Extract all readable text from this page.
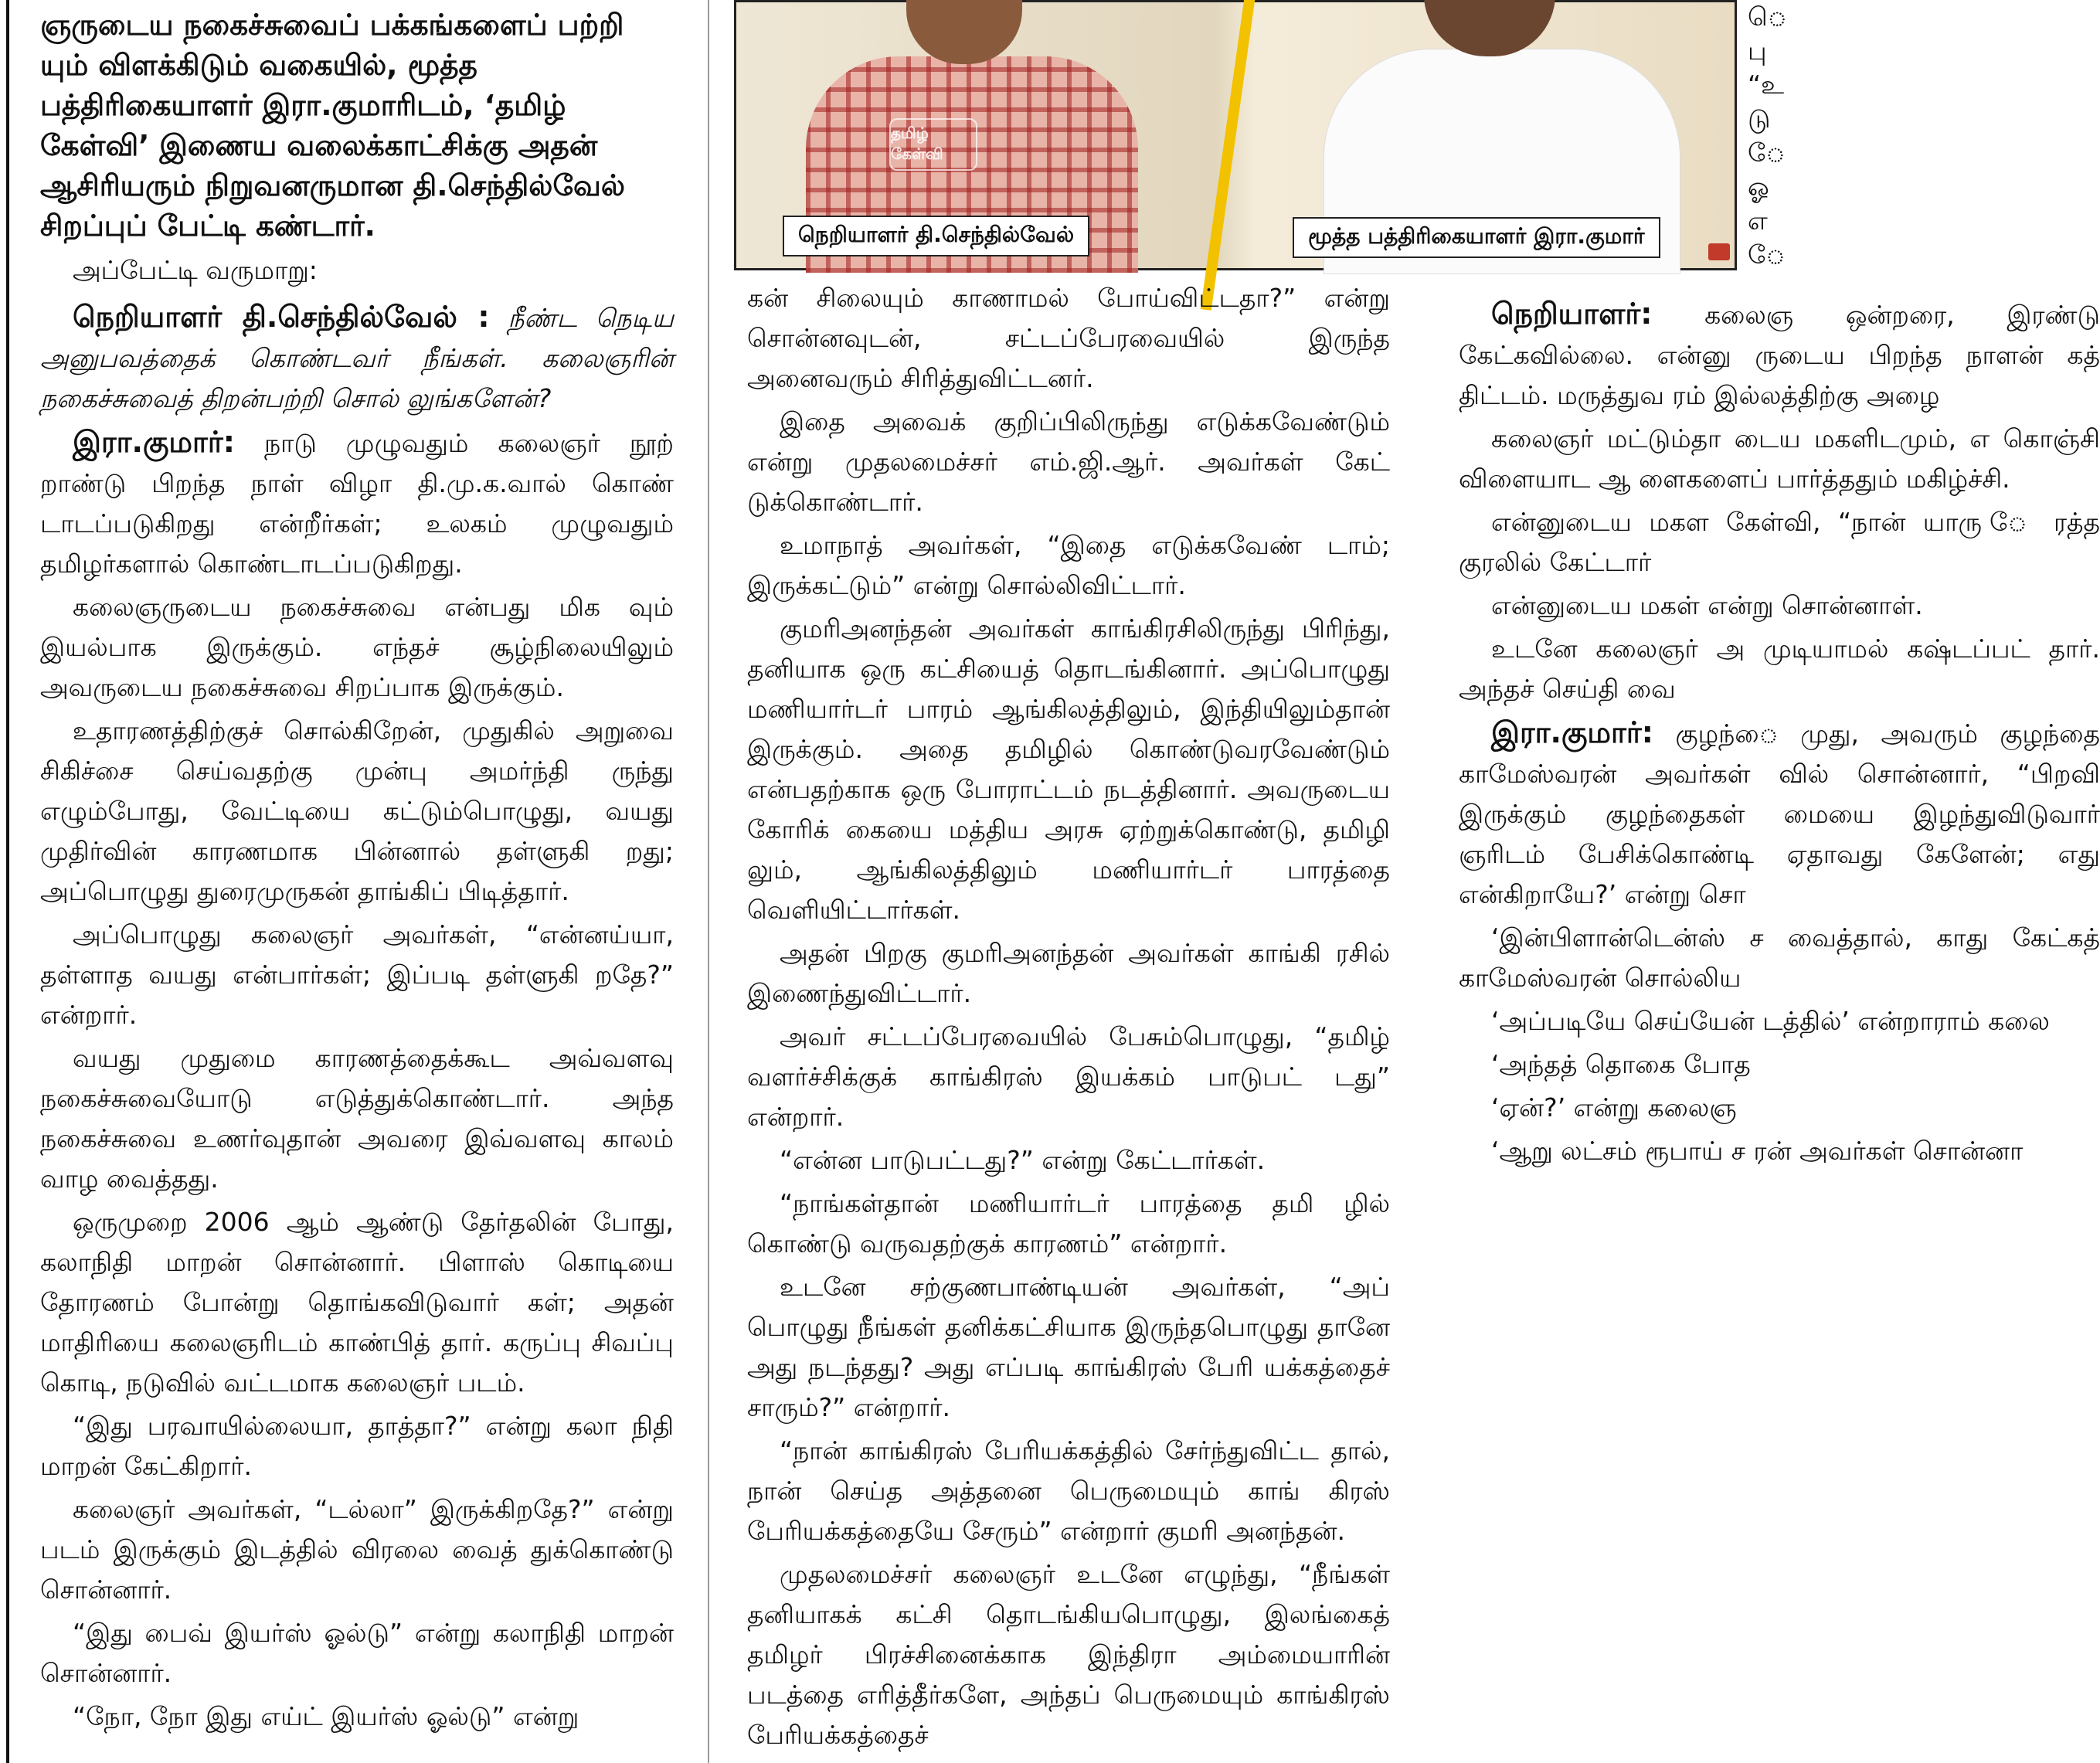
ஞருடைய நகைச்சுவைப் பக்கங்களைப் பற்றி

யும் விளக்கிடும் வகையில், மூத்த

பத்திரிகையாளர் இரா.குமாரிடம், ‘தமிழ்

கேள்வி’ இணைய வலைக்காட்சிக்கு அதன்

ஆசிரியரும் நிறுவனருமான தி.செந்தில்வேல்

சிறப்புப் பேட்டி கண்டார்.

அப்பேட்டி வருமாறு:

நெறியாளர் தி.செந்தில்வேல் : நீண்ட நெடிய அனுபவத்தைக் கொண்டவர் நீங்கள். கலைஞரின் நகைச்சுவைத் திறன்பற்றி சொல் லுங்களேன்?

இரா.குமார்: நாடு முழுவதும் கலைஞர் நூற் றாண்டு பிறந்த நாள் விழா தி.மு.க.வால் கொண் டாடப்படுகிறது என்றீர்கள்; உலகம் முழுவதும் தமிழர்களால் கொண்டாடப்படுகிறது.

கலைஞருடைய நகைச்சுவை என்பது மிக வும் இயல்பாக இருக்கும். எந்தச் சூழ்நிலையிலும் அவருடைய நகைச்சுவை சிறப்பாக இருக்கும்.

உதாரணத்திற்குச் சொல்கிறேன், முதுகில் அறுவை சிகிச்சை செய்வதற்கு முன்பு அமர்ந்தி ருந்து எழும்போது, வேட்டியை கட்டும்பொழுது, வயது முதிர்வின் காரணமாக பின்னால் தள்ளுகி றது; அப்பொழுது துரைமுருகன் தாங்கிப் பிடித்தார்.

அப்பொழுது கலைஞர் அவர்கள், “என்னய்யா, தள்ளாத வயது என்பார்கள்; இப்படி தள்ளுகி றதே?” என்றார்.

வயது முதுமை காரணத்தைக்கூட அவ்வளவு நகைச்சுவையோடு எடுத்துக்கொண்டார். அந்த நகைச்சுவை உணர்வுதான் அவரை இவ்வளவு காலம் வாழ வைத்தது.

ஒருமுறை 2006 ஆம் ஆண்டு தேர்தலின் போது, கலாநிதி மாறன் சொன்னார். பிளாஸ் கொடியை தோரணம் போன்று தொங்கவிடுவார் கள்; அதன் மாதிரியை கலைஞரிடம் காண்பித் தார். கருப்பு சிவப்பு கொடி, நடுவில் வட்டமாக கலைஞர் படம்.

“இது பரவாயில்லையா, தாத்தா?” என்று கலா நிதி மாறன் கேட்கிறார்.

கலைஞர் அவர்கள், “டல்லா” இருக்கிறதே?” என்று படம் இருக்கும் இடத்தில் விரலை வைத் துக்கொண்டு சொன்னார்.

“இது பைவ் இயர்ஸ் ஓல்டு” என்று கலாநிதி மாறன் சொன்னார்.

“நோ, நோ இது எய்ட் இயர்ஸ் ஓல்டு” என்று

தமிழ் கேள்வி
நெறியாளர் தி.செந்தில்வேல்	மூத்த பத்திரிகையாளர் இரா.குமார்

கன் சிலையும் காணாமல் போய்விட்டதா?” என்று சொன்னவுடன், சட்டப்பேரவையில் இருந்த அனைவரும் சிரித்துவிட்டனர்.

இதை அவைக் குறிப்பிலிருந்து எடுக்கவேண்டும் என்று முதலமைச்சர் எம்.ஜி.ஆர். அவர்கள் கேட் டுக்கொண்டார்.

உமாநாத் அவர்கள், “இதை எடுக்கவேண் டாம்; இருக்கட்டும்” என்று சொல்லிவிட்டார்.

குமரிஅனந்தன் அவர்கள் காங்கிரசிலிருந்து பிரிந்து, தனியாக ஒரு கட்சியைத் தொடங்கினார். அப்பொழுது மணியார்டர் பாரம் ஆங்கிலத்திலும், இந்தியிலும்தான் இருக்கும். அதை தமிழில் கொண்டுவரவேண்டும் என்பதற்காக ஒரு போராட்டம் நடத்தினார். அவருடைய கோரிக் கையை மத்திய அரசு ஏற்றுக்கொண்டு, தமிழி லும், ஆங்கிலத்திலும் மணியார்டர் பாரத்தை வெளியிட்டார்கள்.

அதன் பிறகு குமரிஅனந்தன் அவர்கள் காங்கி ரசில் இணைந்துவிட்டார்.

அவர் சட்டப்பேரவையில் பேசும்பொழுது, “தமிழ் வளர்ச்சிக்குக் காங்கிரஸ் இயக்கம் பாடுபட் டது” என்றார்.

“என்ன பாடுபட்டது?” என்று கேட்டார்கள்.

“நாங்கள்தான் மணியார்டர் பாரத்தை தமி ழில் கொண்டு வருவதற்குக் காரணம்” என்றார்.

உடனே சற்குணபாண்டியன் அவர்கள், “அப் பொழுது நீங்கள் தனிக்கட்சியாக இருந்தபொழுது தானே அது நடந்தது? அது எப்படி காங்கிரஸ் பேரி யக்கத்தைச் சாரும்?” என்றார்.

“நான் காங்கிரஸ் பேரியக்கத்தில் சேர்ந்துவிட்ட தால், நான் செய்த அத்தனை பெருமையும் காங் கிரஸ் பேரியக்கத்தையே சேரும்” என்றார் குமரி அனந்தன்.

முதலமைச்சர் கலைஞர் உடனே எழுந்து, “நீங்கள் தனியாகக் கட்சி தொடங்கியபொழுது, இலங்கைத் தமிழர் பிரச்சினைக்காக இந்திரா அம்மையாரின் படத்தை எரித்தீர்களே, அந்தப் பெருமையும் காங்கிரஸ் பேரியக்கத்தைச்

நெறியாளர்: கலைஞ ஒன்றரை, இரண்டு கேட்கவில்லை. என்னு ருடைய பிறந்த நாளன் கத் திட்டம். மருத்துவ ரம் இல்லத்திற்கு அழை

கலைஞர் மட்டும்தா டைய மகளிடமும், எ கொஞ்சி விளையாட ஆ ளைகளைப் பார்த்ததும் மகிழ்ச்சி.

என்னுடைய மகள கேள்வி, “நான் யாரு ே ரத்த குரலில் கேட்டார்

என்னுடைய மகள் என்று சொன்னாள்.

உடனே கலைஞர் அ முடியாமல் கஷ்டப்பட் தார். அந்தச் செய்தி வை

இரா.குமார்: குழந்ை முது, அவரும் குழந்தை காமேஸ்வரன் அவர்கள் வில் சொன்னார், “பிறவி இருக்கும் குழந்தைகள் மையை இழந்துவிடுவார் ஞரிடம் பேசிக்கொண்டி ஏதாவது கேளேன்; எது என்கிறாயே?’ என்று சொ

‘இன்பிளான்டென்ஸ் ச வைத்தால், காது கேட்கத் காமேஸ்வரன் சொல்லிய

‘அப்படியே செய்யேன் டத்தில்’ என்றாராம் கலை

‘அந்தத் தொகை போத

‘ஏன்?’ என்று கலைஞ

‘ஆறு லட்சம் ரூபாய் ச ரன் அவர்கள் சொன்னா

ெ
பு
“உ
டு
ே
ஓ
எ
ே
